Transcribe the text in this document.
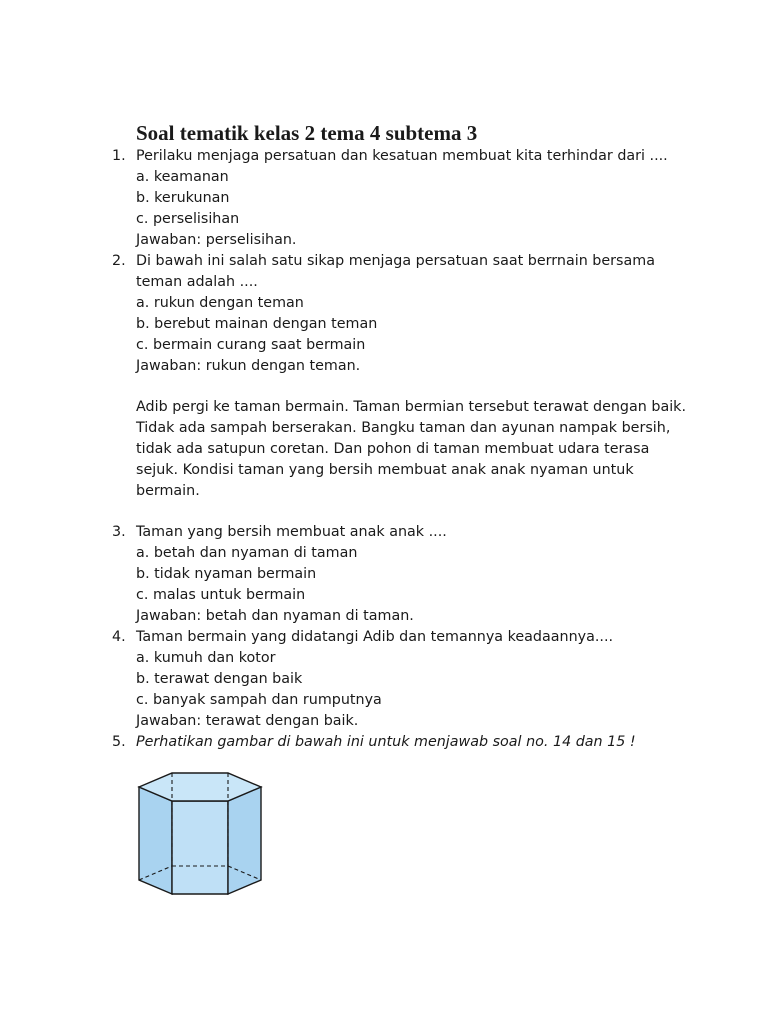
Soal tematik kelas 2 tema 4 subtema 3
1. Perilaku menjaga persatuan dan kesatuan membuat kita terhindar dari ....
a. keamanan
b. kerukunan
c. perselisihan
Jawaban: perselisihan.
2. Di bawah ini salah satu sikap menjaga persatuan saat berrnain bersama
teman adalah ....
a. rukun dengan teman
b. berebut mainan dengan teman
c. bermain curang saat bermain
Jawaban: rukun dengan teman.
Adib pergi ke taman bermain. Taman bermian tersebut terawat dengan baik.
Tidak ada sampah berserakan. Bangku taman dan ayunan nampak bersih,
tidak ada satupun coretan. Dan pohon di taman membuat udara terasa
sejuk. Kondisi taman yang bersih membuat anak anak nyaman untuk
bermain.
3. Taman yang bersih membuat anak anak ....
a. betah dan nyaman di taman
b. tidak nyaman bermain
c. malas untuk bermain
Jawaban: betah dan nyaman di taman.
4. Taman bermain yang didatangi Adib dan temannya keadaannya....
a. kumuh dan kotor
b. terawat dengan baik
c. banyak sampah dan rumputnya
Jawaban: terawat dengan baik.
5. Perhatikan gambar di bawah ini untuk menjawab soal no. 14 dan 15 !
